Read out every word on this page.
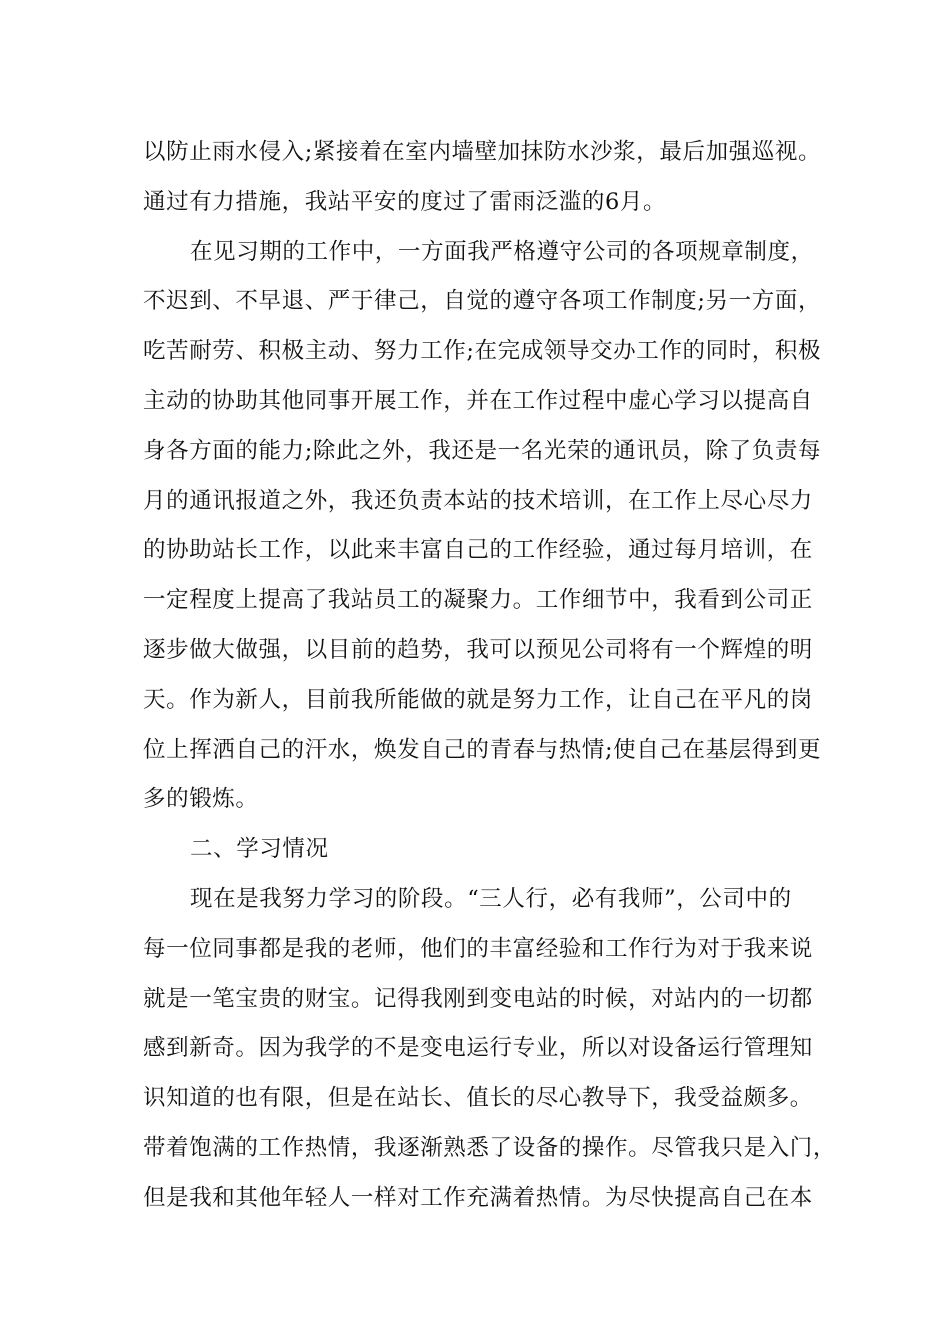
以防止雨水侵入;紧接着在室内墙壁加抹防水沙浆，最后加强巡视。
通过有力措施，我站平安的度过了雷雨泛滥的6月。
在见习期的工作中，一方面我严格遵守公司的各项规章制度，
不迟到、不早退、严于律己，自觉的遵守各项工作制度;另一方面，
吃苦耐劳、积极主动、努力工作;在完成领导交办工作的同时，积极
主动的协助其他同事开展工作，并在工作过程中虚心学习以提高自
身各方面的能力;除此之外，我还是一名光荣的通讯员，除了负责每
月的通讯报道之外，我还负责本站的技术培训，在工作上尽心尽力
的协助站长工作，以此来丰富自己的工作经验，通过每月培训，在
一定程度上提高了我站员工的凝聚力。工作细节中，我看到公司正
逐步做大做强，以目前的趋势，我可以预见公司将有一个辉煌的明
天。作为新人，目前我所能做的就是努力工作，让自己在平凡的岗
位上挥洒自己的汗水，焕发自己的青春与热情;使自己在基层得到更
多的锻炼。
二、学习情况
现在是我努力学习的阶段。“三人行，必有我师”，公司中的
每一位同事都是我的老师，他们的丰富经验和工作行为对于我来说
就是一笔宝贵的财宝。记得我刚到变电站的时候，对站内的一切都
感到新奇。因为我学的不是变电运行专业，所以对设备运行管理知
识知道的也有限，但是在站长、值长的尽心教导下，我受益颇多。
带着饱满的工作热情，我逐渐熟悉了设备的操作。尽管我只是入门，
但是我和其他年轻人一样对工作充满着热情。为尽快提高自己在本
